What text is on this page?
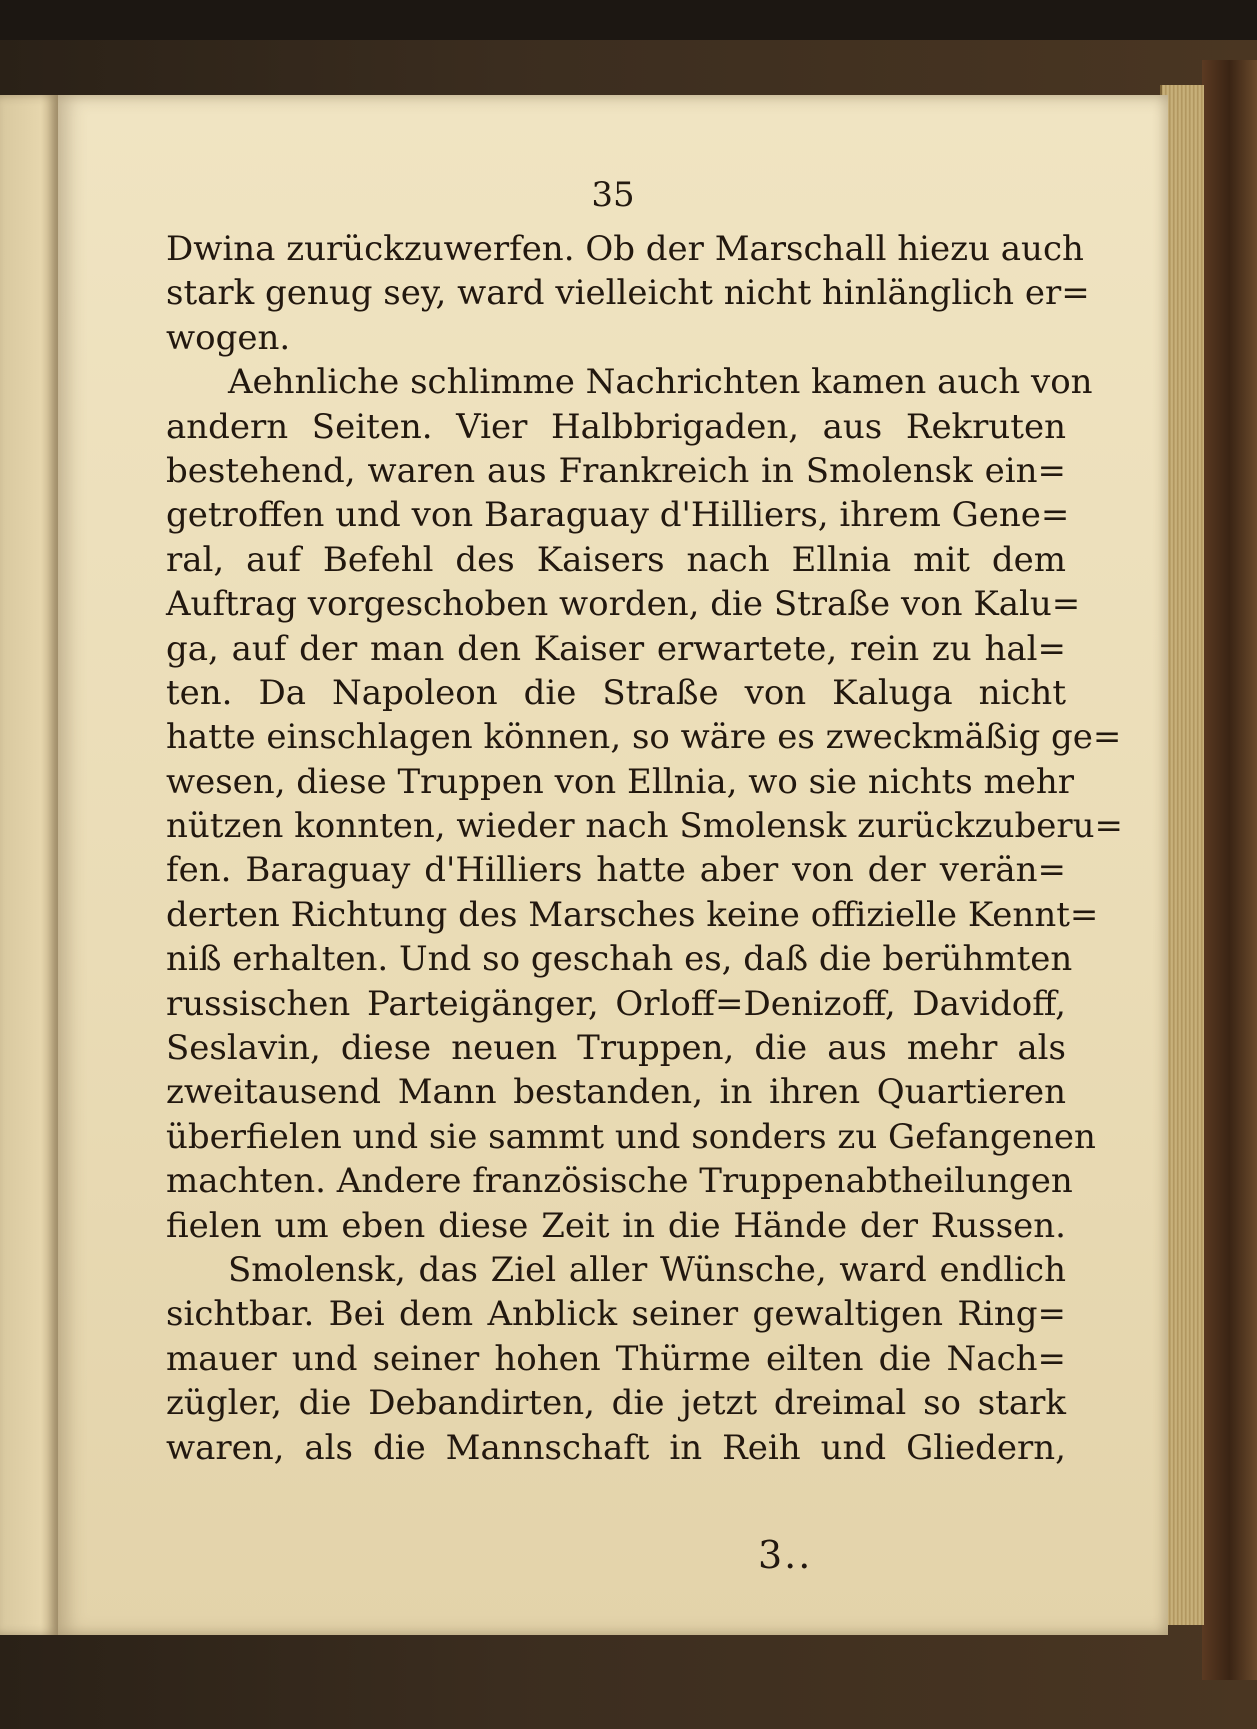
35
Dwina zurückzuwerfen. Ob der Marschall hiezu auch
stark genug sey, ward vielleicht nicht hinlänglich er=
wogen.
Aehnliche schlimme Nachrichten kamen auch von
andern Seiten. Vier Halbbrigaden, aus Rekruten
bestehend, waren aus Frankreich in Smolensk ein=
getroffen und von Baraguay d'Hilliers, ihrem Gene=
ral, auf Befehl des Kaisers nach Ellnia mit dem
Auftrag vorgeschoben worden, die Straße von Kalu=
ga, auf der man den Kaiser erwartete, rein zu hal=
ten. Da Napoleon die Straße von Kaluga nicht
hatte einschlagen können, so wäre es zweckmäßig ge=
wesen, diese Truppen von Ellnia, wo sie nichts mehr
nützen konnten, wieder nach Smolensk zurückzuberu=
fen. Baraguay d'Hilliers hatte aber von der verän=
derten Richtung des Marsches keine offizielle Kennt=
niß erhalten. Und so geschah es, daß die berühmten
russischen Parteigänger, Orloff=Denizoff, Davidoff,
Seslavin, diese neuen Truppen, die aus mehr als
zweitausend Mann bestanden, in ihren Quartieren
überfielen und sie sammt und sonders zu Gefangenen
machten. Andere französische Truppenabtheilungen
fielen um eben diese Zeit in die Hände der Russen.
Smolensk, das Ziel aller Wünsche, ward endlich
sichtbar. Bei dem Anblick seiner gewaltigen Ring=
mauer und seiner hohen Thürme eilten die Nach=
zügler, die Debandirten, die jetzt dreimal so stark
waren, als die Mannschaft in Reih und Gliedern,
3..
